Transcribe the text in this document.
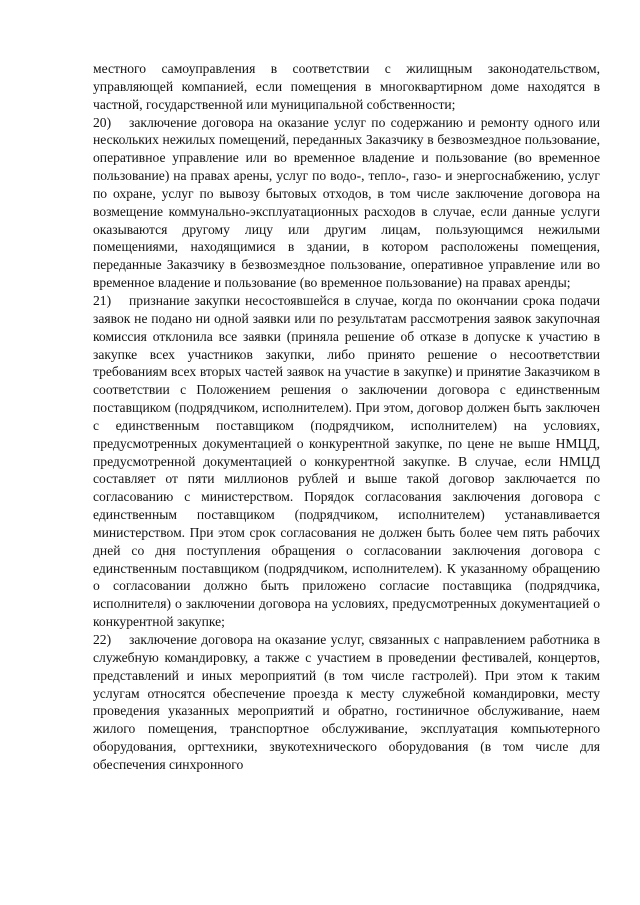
местного самоуправления в соответствии с жилищным законодательством, управляющей компанией, если помещения в многоквартирном доме находятся в частной, государственной или муниципальной собственности;

20) заключение договора на оказание услуг по содержанию и ремонту одного или нескольких нежилых помещений, переданных Заказчику в безвозмездное пользование, оперативное управление или во временное владение и пользование (во временное пользование) на правах арены, услуг по водо-, тепло-, газо- и энергоснабжению, услуг по охране, услуг по вывозу бытовых отходов, в том числе заключение договора на возмещение коммунально-эксплуатационных расходов в случае, если данные услуги оказываются другому лицу или другим лицам, пользующимся нежилыми помещениями, находящимися в здании, в котором расположены помещения, переданные Заказчику в безвозмездное пользование, оперативное управление или во временное владение и пользование (во временное пользование) на правах аренды;

21) признание закупки несостоявшейся в случае, когда по окончании срока подачи заявок не подано ни одной заявки или по результатам рассмотрения заявок закупочная комиссия отклонила все заявки (приняла решение об отказе в допуске к участию в закупке всех участников закупки, либо принято решение о несоответствии требованиям всех вторых частей заявок на участие в закупке) и принятие Заказчиком в соответствии с Положением решения о заключении договора с единственным поставщиком (подрядчиком, исполнителем). При этом, договор должен быть заключен с единственным поставщиком (подрядчиком, исполнителем) на условиях, предусмотренных документацией о конкурентной закупке, по цене не выше НМЦД, предусмотренной документацией о конкурентной закупке. В случае, если НМЦД составляет от пяти миллионов рублей и выше такой договор заключается по согласованию с министерством. Порядок согласования заключения договора с единственным поставщиком (подрядчиком, исполнителем) устанавливается министерством. При этом срок согласования не должен быть более чем пять рабочих дней со дня поступления обращения о согласовании заключения договора с единственным поставщиком (подрядчиком, исполнителем). К указанному обращению о согласовании должно быть приложено согласие поставщика (подрядчика, исполнителя) о заключении договора на условиях, предусмотренных документацией о конкурентной закупке;

22) заключение договора на оказание услуг, связанных с направлением работника в служебную командировку, а также с участием в проведении фестивалей, концертов, представлений и иных мероприятий (в том числе гастролей). При этом к таким услугам относятся обеспечение проезда к месту служебной командировки, месту проведения указанных мероприятий и обратно, гостиничное обслуживание, наем жилого помещения, транспортное обслуживание, эксплуатация компьютерного оборудования, оргтехники, звукотехнического оборудования (в том числе для обеспечения синхронного
